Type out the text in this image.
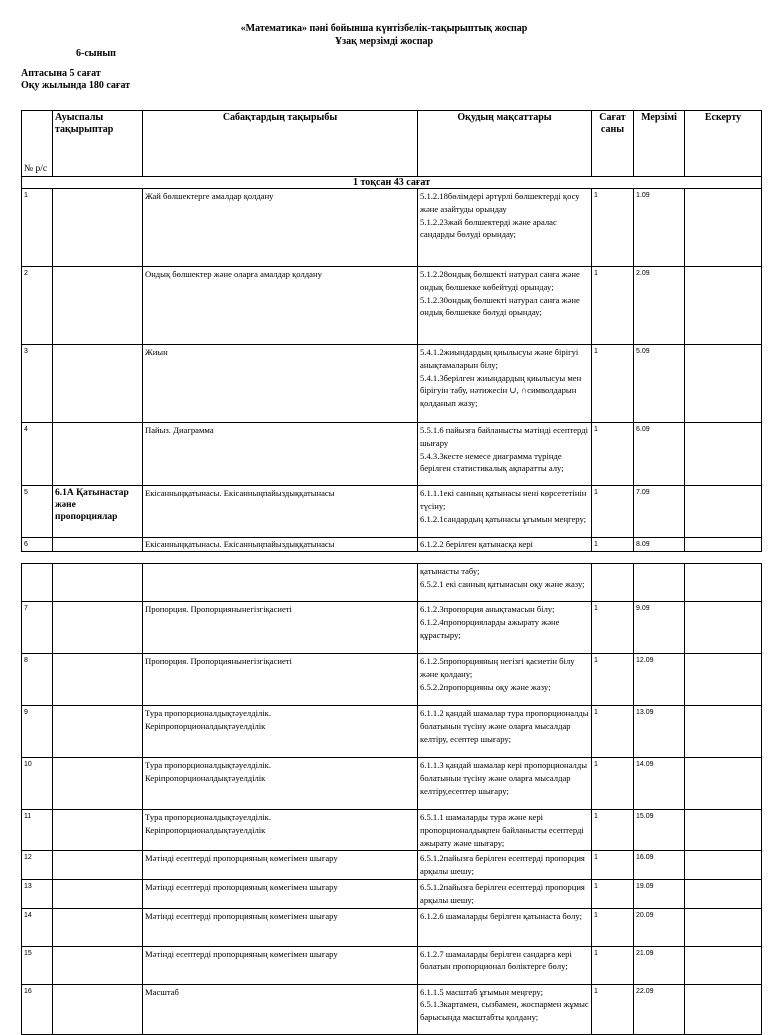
«Математика» пәні бойынша күнтізбелік-тақырыптық жоспар
Ұзақ мерзімді жоспар
6-сынып
Аптасына 5 сағат
Оқу жылында 180 сағат
№ р/с	Ауыспалы тақырыптар	Сабақтардың тақырыбы	Оқудың мақсаттары	Сағат саны	Мерзімі	Ескерту
1 тоқсан 43 сағат						
1		Жай бөлшектерге амалдар қолдану	5.1.2.18бөлімдері әртүрлі бөлшектерді қосу және азайтуды орындау
5.1.2.23жай бөлшектерді және аралас сандарды бөлуді орындау;	1	1.09	
2		Ондық бөлшектер және оларға амалдар қолдану	5.1.2.28ондық бөлшекті натурал санға және ондық бөлшекке көбейтуді орындау;
5.1.2.30ондық бөлшекті натурал санға және ондық бөлшекке бөлуді орындау;	1	2.09	
3		Жиын	5.4.1.2жиындардың қиылысуы және бірігуі анықтамаларын білу;
5.4.1.3берілген жиындардың қиылысуы мен бірігуін табу, нәтижесін ∪, ∩символдарын қолданып жазу;	1	5.09	
4		Пайыз. Диаграмма	5.5.1.6 пайызға байланысты мәтінді есептерді шығару
5.4.3.3кесте немесе диаграмма түрінде берілген статистикалық ақпаратты алу;	1	6.09	
5	6.1А Қатынастар және пропорциялар	Екісанныңқатынасы. Екісанныңпайыздыққатынасы	6.1.1.1екі санның қатынасы нені көрсететінін түсіну;
6.1.2.1сандардың қатынасы ұғымын меңгеру;	1	7.09	
6		Екісанныңқатынасы. Екісанныңпайыздыққатынасы	6.1.2.2 берілген қатынасқа кері	1	8.09	
			қатынасты табу;
6.5.2.1 екі санның қатынасын оқу және жазу;			
7		Пропорция. Пропорциянынегізгіқасиеті	6.1.2.3пропорция анықтамасын білу;
6.1.2.4пропорцияларды ажырату және құрастыру;	1	9.09	
8		Пропорция. Пропорциянынегізгіқасиеті	6.1.2.5пропорцияның негізгі қасиетін білу және қолдану;
6.5.2.2пропорцияны оқу және жазу;	1	12.09	
9		Тура пропорционалдықтәуелділік.
Керіпропорционалдықтәуелділік	6.1.1.2 қандай шамалар тура пропорционалды болатынын түсіну және оларға мысалдар келтіру, есептер шығару;	1	13.09	
10		Тура пропорционалдықтәуелділік.
Керіпропорционалдықтәуелділік	6.1.1.3 қандай шамалар кері пропорционалды болатынын түсіну және оларға мысалдар келтіру,есептер шығару;	1	14.09	
11		Тура пропорционалдықтәуелділік.
Керіпропорционалдықтәуелділік	6.5.1.1 шамаларды тура және кері пропорционалдықпен байланысты есептерді ажырату және шығару;	1	15.09	
12		Мәтінді есептерді пропорцияның көмегімен шығару	6.5.1.2пайызға берілген есептерді пропорция арқылы шешу;	1	16.09	
13		Мәтінді есептерді пропорцияның көмегімен шығару	6.5.1.2пайызға берілген есептерді пропорция арқылы шешу;	1	19.09	
14		Мәтінді есептерді пропорцияның көмегімен шығару	6.1.2.6 шамаларды берілген қатынаста бөлу;	1	20.09	
15		Мәтінді есептерді пропорцияның көмегімен шығару	6.1.2.7 шамаларды берілген сандарға кері болатын пропорционал бөліктерге бөлу;	1	21.09	
16		Масштаб	6.1.1.5 масштаб ұғымын меңгеру;
6.5.1.3картамен, сызбамен, жоспармен жұмыс барысында масштабты қолдану;	1	22.09	
